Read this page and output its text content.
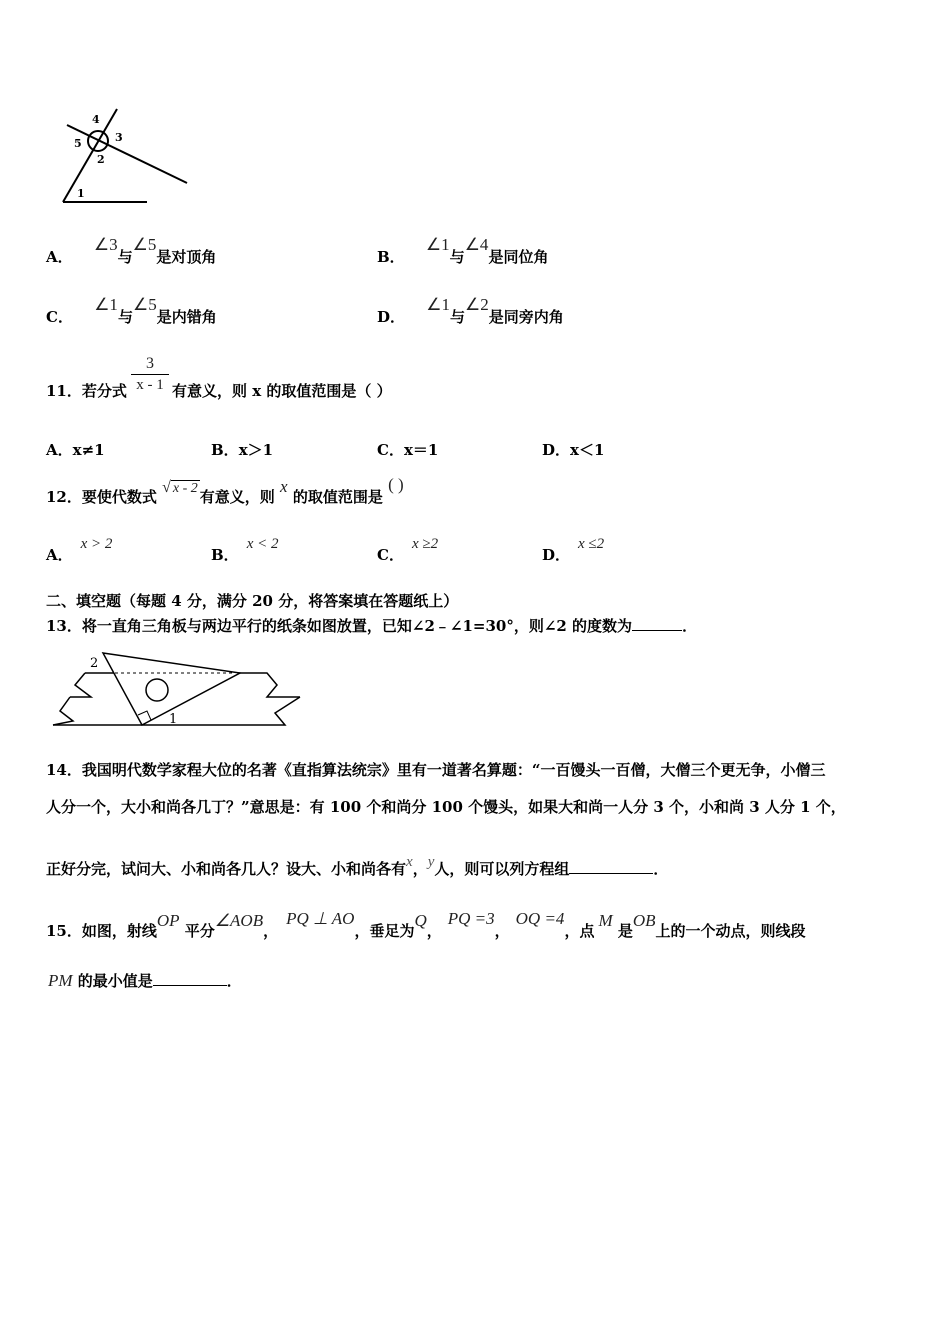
4
3
5
2
1
A． ∠3与∠5是对顶角	B． ∠1与∠4是同位角
C． ∠1与∠5是内错角	D． ∠1与∠2是同旁内角
11．若分式 $\frac{3}{x - 1}$ 有意义，则 x 的取值范围是（ ）
A．x≠1	B．x＞1	C．x＝1	D．x＜1
12．要使代数式 √ x - 2 有意义，则 x 的取值范围是 ( )
A．x > 2
B．x < 2
C．x ≥2
D．x ≤2
二、填空题（每题 4 分，满分 20 分，将答案填在答题纸上）
13．将一直角三角板与两边平行的纸条如图放置，已知∠2﹣∠1=30°，则∠2 的度数为	．
2
1
14．我国明代数学家程大位的名著《直指算法统宗》里有一道著名算题：“一百馒头一百僧，大僧三个更无争，小僧三
人分一个，大小和尚各几丁？”意思是：有 100 个和尚分 100 个馒头，如果大和尚一人分 3 个，小和尚 3 人分 1 个，
正好分完，试问大、小和尚各几人？设大、小和尚各有x，y人，则可以列方程组	．
15．如图，射线OP 平分∠AOB，PQ ⊥ AO，垂足为Q，PQ =3，OQ =4，点M 是OB上的一个动点，则线段
PM 的最小值是	．
